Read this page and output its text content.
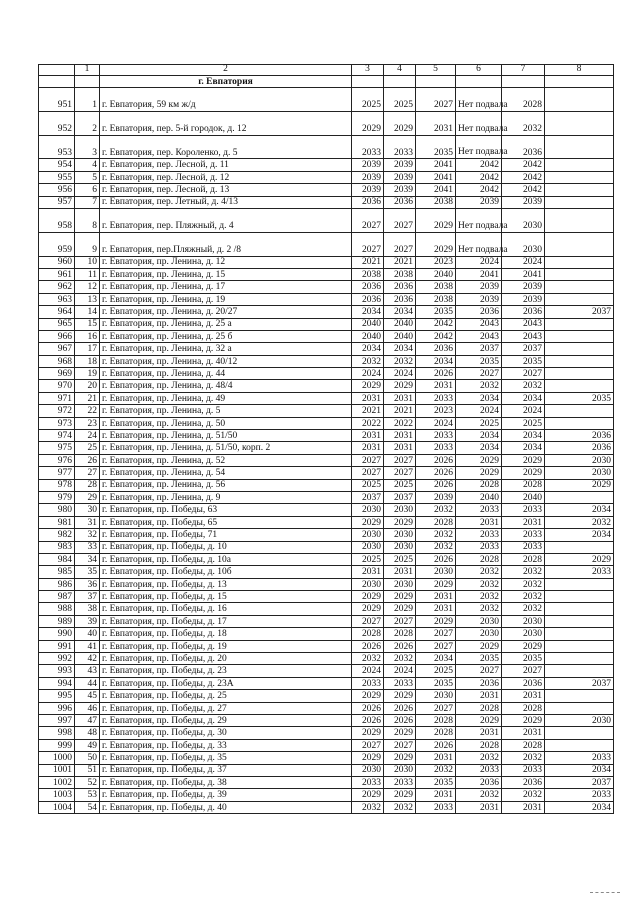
	1	2	3	4	5	6	7	8
		г. Евпатория						
951	1	г. Евпатория, 59 км ж/д	2025	2025	2027	Нет подвала	2028	
952	2	г. Евпатория, пер. 5-й городок, д. 12	2029	2029	2031	Нет подвала	2032	
953	3	г. Евпатория, пер. Короленко, д. 5	2033	2033	2035	Нет подвала	2036	
954	4	г. Евпатория, пер. Лесной, д. 11	2039	2039	2041	2042	2042	
955	5	г. Евпатория, пер. Лесной, д. 12	2039	2039	2041	2042	2042	
956	6	г. Евпатория, пер. Лесной, д. 13	2039	2039	2041	2042	2042	
957	7	г. Евпатория, пер. Летный, д. 4/13	2036	2036	2038	2039	2039	
958	8	г. Евпатория, пер. Пляжный, д. 4	2027	2027	2029	Нет подвала	2030	
959	9	г. Евпатория, пер.Пляжный, д. 2 /8	2027	2027	2029	Нет подвала	2030	
960	10	г. Евпатория, пр. Ленина, д. 12	2021	2021	2023	2024	2024	
961	11	г. Евпатория, пр. Ленина, д. 15	2038	2038	2040	2041	2041	
962	12	г. Евпатория, пр. Ленина, д. 17	2036	2036	2038	2039	2039	
963	13	г. Евпатория, пр. Ленина, д. 19	2036	2036	2038	2039	2039	
964	14	г. Евпатория, пр. Ленина, д. 20/27	2034	2034	2035	2036	2036	2037
965	15	г. Евпатория, пр. Ленина, д. 25 а	2040	2040	2042	2043	2043	
966	16	г. Евпатория, пр. Ленина, д. 25 б	2040	2040	2042	2043	2043	
967	17	г. Евпатория, пр. Ленина, д. 32 а	2034	2034	2036	2037	2037	
968	18	г. Евпатория, пр. Ленина, д. 40/12	2032	2032	2034	2035	2035	
969	19	г. Евпатория, пр. Ленина, д. 44	2024	2024	2026	2027	2027	
970	20	г. Евпатория, пр. Ленина, д. 48/4	2029	2029	2031	2032	2032	
971	21	г. Евпатория, пр. Ленина, д. 49	2031	2031	2033	2034	2034	2035
972	22	г. Евпатория, пр. Ленина, д. 5	2021	2021	2023	2024	2024	
973	23	г. Евпатория, пр. Ленина, д. 50	2022	2022	2024	2025	2025	
974	24	г. Евпатория, пр. Ленина, д. 51/50	2031	2031	2033	2034	2034	2036
975	25	г. Евпатория, пр. Ленина, д. 51/50, корп. 2	2031	2031	2033	2034	2034	2036
976	26	г. Евпатория, пр. Ленина, д. 52	2027	2027	2026	2029	2029	2030
977	27	г. Евпатория, пр. Ленина, д. 54	2027	2027	2026	2029	2029	2030
978	28	г. Евпатория, пр. Ленина, д. 56	2025	2025	2026	2028	2028	2029
979	29	г. Евпатория, пр. Ленина, д. 9	2037	2037	2039	2040	2040	
980	30	г. Евпатория, пр. Победы, 63	2030	2030	2032	2033	2033	2034
981	31	г. Евпатория, пр. Победы, 65	2029	2029	2028	2031	2031	2032
982	32	г. Евпатория, пр. Победы, 71	2030	2030	2032	2033	2033	2034
983	33	г. Евпатория, пр. Победы, д. 10	2030	2030	2032	2033	2033	
984	34	г. Евпатория, пр. Победы, д. 10а	2025	2025	2026	2028	2028	2029
985	35	г. Евпатория, пр. Победы, д. 10б	2031	2031	2030	2032	2032	2033
986	36	г. Евпатория, пр. Победы, д. 13	2030	2030	2029	2032	2032	
987	37	г. Евпатория, пр. Победы, д. 15	2029	2029	2031	2032	2032	
988	38	г. Евпатория, пр. Победы, д. 16	2029	2029	2031	2032	2032	
989	39	г. Евпатория, пр. Победы, д. 17	2027	2027	2029	2030	2030	
990	40	г. Евпатория, пр. Победы, д. 18	2028	2028	2027	2030	2030	
991	41	г. Евпатория, пр. Победы, д. 19	2026	2026	2027	2029	2029	
992	42	г. Евпатория, пр. Победы, д. 20	2032	2032	2034	2035	2035	
993	43	г. Евпатория, пр. Победы, д. 23	2024	2024	2025	2027	2027	
994	44	г. Евпатория, пр. Победы, д. 23А	2033	2033	2035	2036	2036	2037
995	45	г. Евпатория, пр. Победы, д. 25	2029	2029	2030	2031	2031	
996	46	г. Евпатория, пр. Победы, д. 27	2026	2026	2027	2028	2028	
997	47	г. Евпатория, пр. Победы, д. 29	2026	2026	2028	2029	2029	2030
998	48	г. Евпатория, пр. Победы, д. 30	2029	2029	2028	2031	2031	
999	49	г. Евпатория, пр. Победы, д. 33	2027	2027	2026	2028	2028	
1000	50	г. Евпатория, пр. Победы, д. 35	2029	2029	2031	2032	2032	2033
1001	51	г. Евпатория, пр. Победы, д. 37	2030	2030	2032	2033	2033	2034
1002	52	г. Евпатория, пр. Победы, д. 38	2033	2033	2035	2036	2036	2037
1003	53	г. Евпатория, пр. Победы, д. 39	2029	2029	2031	2032	2032	2033
1004	54	г. Евпатория, пр. Победы, д. 40	2032	2032	2033	2031	2031	2034
